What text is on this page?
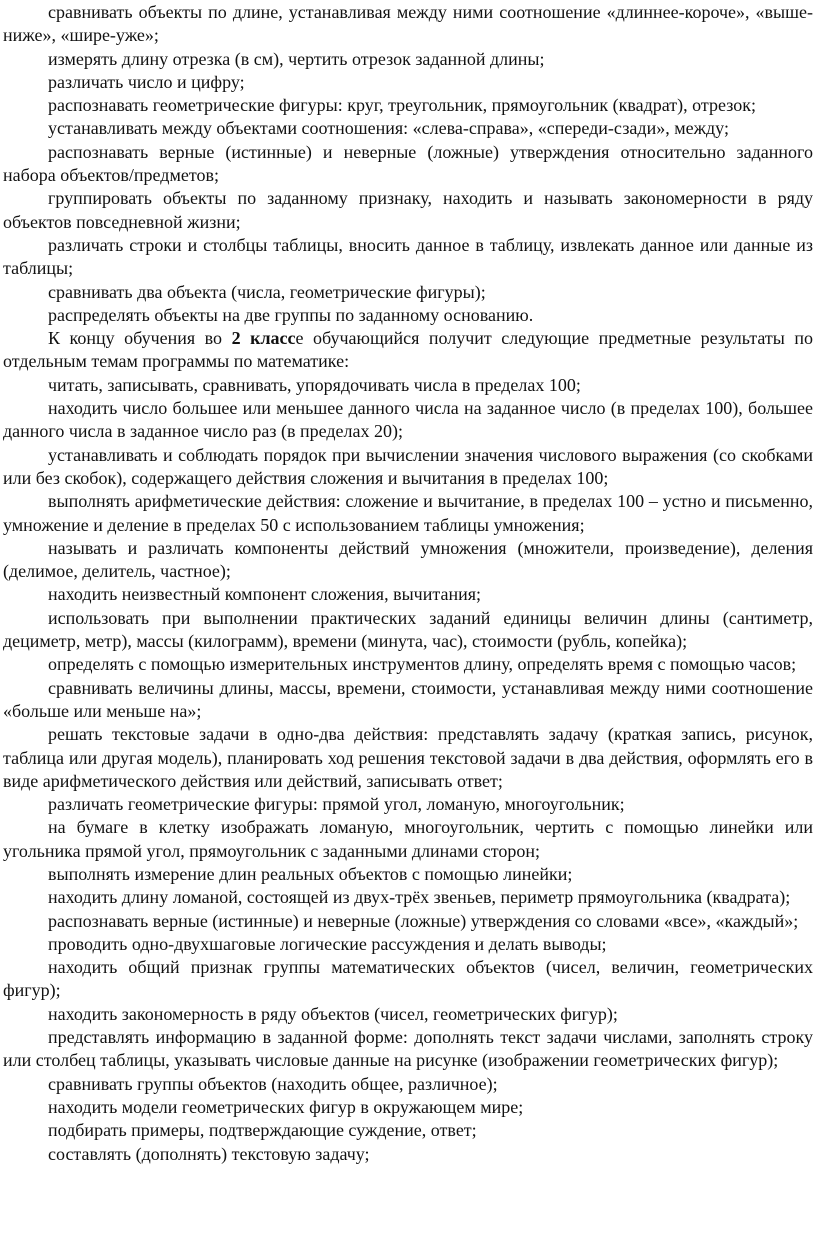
сравнивать объекты по длине, устанавливая между ними соотношение «длиннее-короче», «выше-ниже», «шире-уже»;

измерять длину отрезка (в см), чертить отрезок заданной длины;

различать число и цифру;

распознавать геометрические фигуры: круг, треугольник, прямоугольник (квадрат), отрезок;

устанавливать между объектами соотношения: «слева-справа», «спереди-сзади», между;

распознавать верные (истинные) и неверные (ложные) утверждения относительно заданного набора объектов/предметов;

группировать объекты по заданному признаку, находить и называть закономерности в ряду объектов повседневной жизни;

различать строки и столбцы таблицы, вносить данное в таблицу, извлекать данное или данные из таблицы;

сравнивать два объекта (числа, геометрические фигуры);

распределять объекты на две группы по заданному основанию.

К концу обучения во 2 классе обучающийся получит следующие предметные результаты по отдельным темам программы по математике:

читать, записывать, сравнивать, упорядочивать числа в пределах 100;

находить число большее или меньшее данного числа на заданное число (в пределах 100), большее данного числа в заданное число раз (в пределах 20);

устанавливать и соблюдать порядок при вычислении значения числового выражения (со скобками или без скобок), содержащего действия сложения и вычитания в пределах 100;

выполнять арифметические действия: сложение и вычитание, в пределах 100 – устно и письменно, умножение и деление в пределах 50 с использованием таблицы умножения;

называть и различать компоненты действий умножения (множители, произведение), деления (делимое, делитель, частное);

находить неизвестный компонент сложения, вычитания;

использовать при выполнении практических заданий единицы величин длины (сантиметр, дециметр, метр), массы (килограмм), времени (минута, час), стоимости (рубль, копейка);

определять с помощью измерительных инструментов длину, определять время с помощью часов;

сравнивать величины длины, массы, времени, стоимости, устанавливая между ними соотношение «больше или меньше на»;

решать текстовые задачи в одно-два действия: представлять задачу (краткая запись, рисунок, таблица или другая модель), планировать ход решения текстовой задачи в два действия, оформлять его в виде арифметического действия или действий, записывать ответ;

различать геометрические фигуры: прямой угол, ломаную, многоугольник;

на бумаге в клетку изображать ломаную, многоугольник, чертить с помощью линейки или угольника прямой угол, прямоугольник с заданными длинами сторон;

выполнять измерение длин реальных объектов с помощью линейки;

находить длину ломаной, состоящей из двух-трёх звеньев, периметр прямоугольника (квадрата);

распознавать верные (истинные) и неверные (ложные) утверждения со словами «все», «каждый»;

проводить одно-двухшаговые логические рассуждения и делать выводы;

находить общий признак группы математических объектов (чисел, величин, геометрических фигур);

находить закономерность в ряду объектов (чисел, геометрических фигур);

представлять информацию в заданной форме: дополнять текст задачи числами, заполнять строку или столбец таблицы, указывать числовые данные на рисунке (изображении геометрических фигур);

сравнивать группы объектов (находить общее, различное);

находить модели геометрических фигур в окружающем мире;

подбирать примеры, подтверждающие суждение, ответ;

составлять (дополнять) текстовую задачу;
